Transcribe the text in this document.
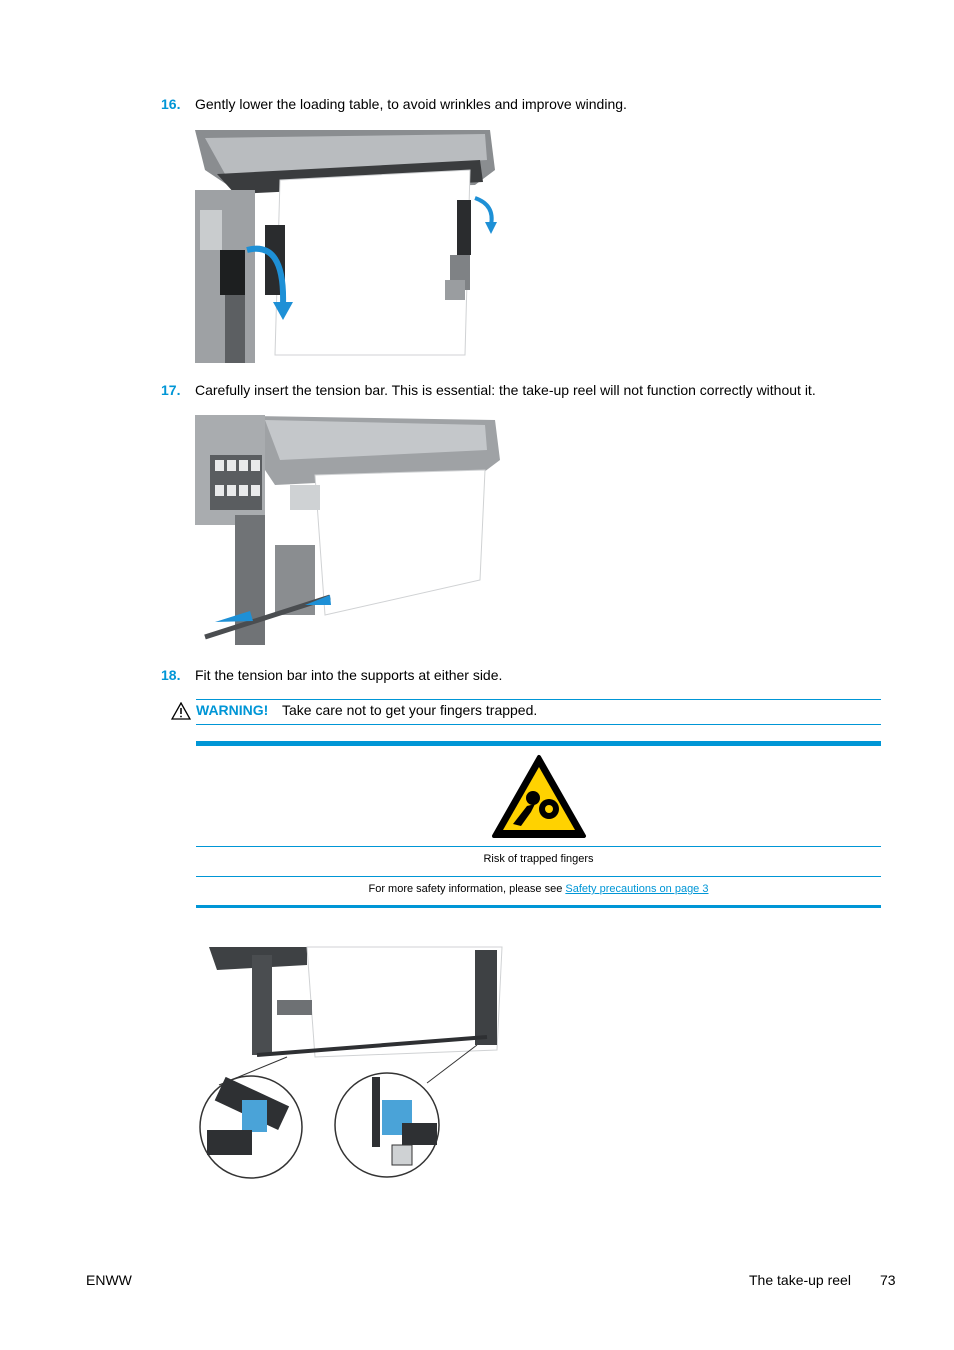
16. Gently lower the loading table, to avoid wrinkles and improve winding.
17. Carefully insert the tension bar. This is essential: the take-up reel will not function correctly without it.
18. Fit the tension bar into the supports at either side.
WARNING! Take care not to get your fingers trapped.
Risk of trapped fingers
For more safety information, please see Safety precautions on page 3
ENWW	The take-up reel 73
